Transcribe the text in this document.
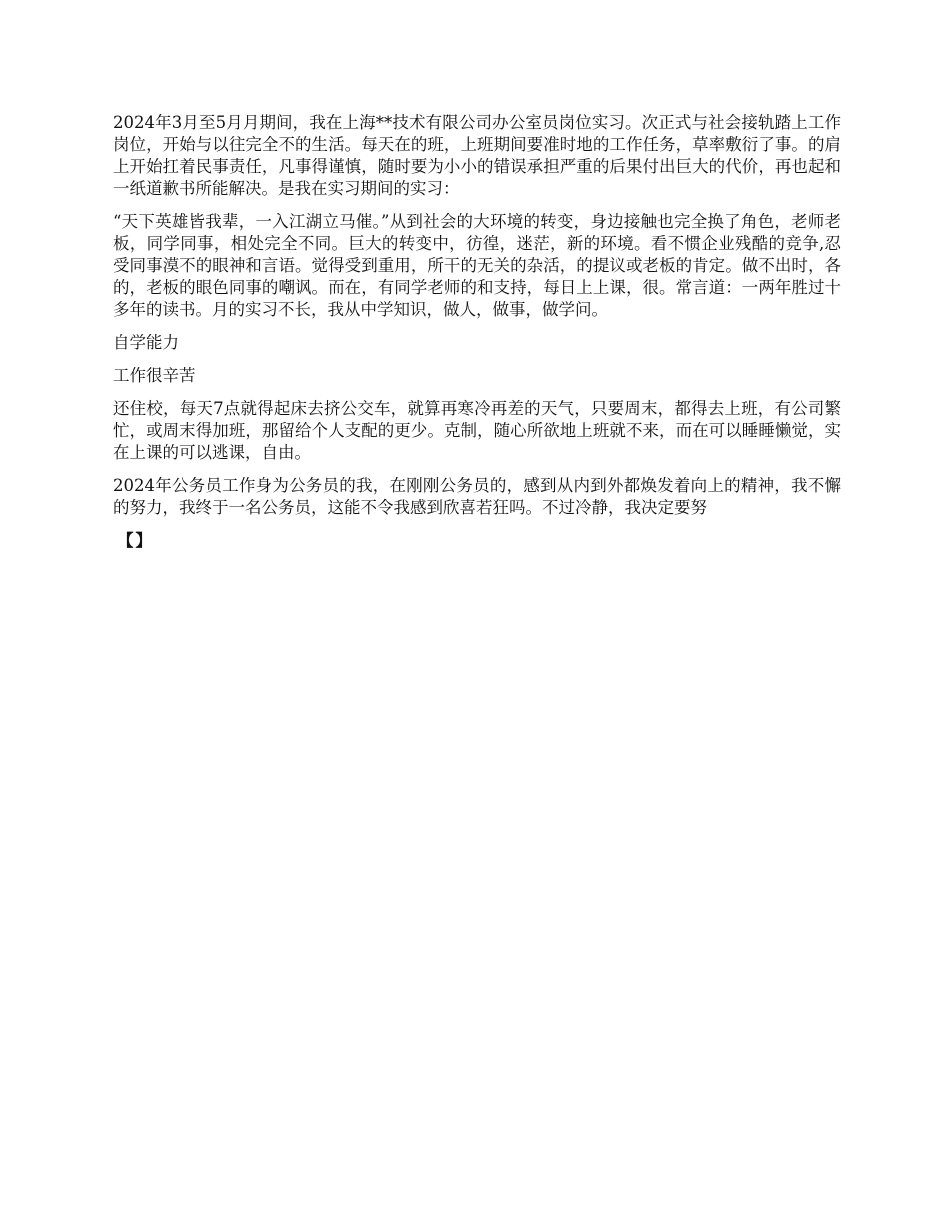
2024年3月至5月月期间，我在上海**技术有限公司办公室员岗位实习。次正式与社会接轨踏上工作岗位，开始与以往完全不的生活。每天在的班，上班期间要准时地的工作任务，草率敷衍了事。的肩上开始扛着民事责任，凡事得谨慎，随时要为小小的错误承担严重的后果付出巨大的代价，再也起和一纸道歉书所能解决。是我在实习期间的实习：

“天下英雄皆我辈，一入江湖立马催。”从到社会的大环境的转变，身边接触也完全换了角色，老师老板，同学同事，相处完全不同。巨大的转变中，彷徨，迷茫，新的环境。看不惯企业残酷的竞争,忍受同事漠不的眼神和言语。觉得受到重用，所干的无关的杂活，的提议或老板的肯定。做不出时，各的，老板的眼色同事的嘲讽。而在，有同学老师的和支持，每日上上课，很。常言道：一两年胜过十多年的读书。月的实习不长，我从中学知识，做人，做事，做学问。

自学能力

工作很辛苦

还住校，每天7点就得起床去挤公交车，就算再寒冷再差的天气，只要周末，都得去上班，有公司繁忙，或周末得加班，那留给个人支配的更少。克制，随心所欲地上班就不来，而在可以睡睡懒觉，实在上课的可以逃课，自由。

2024年公务员工作身为公务员的我，在刚刚公务员的，感到从内到外都焕发着向上的精神，我不懈的努力，我终于一名公务员，这能不令我感到欣喜若狂吗。不过冷静，我决定要努

【】
